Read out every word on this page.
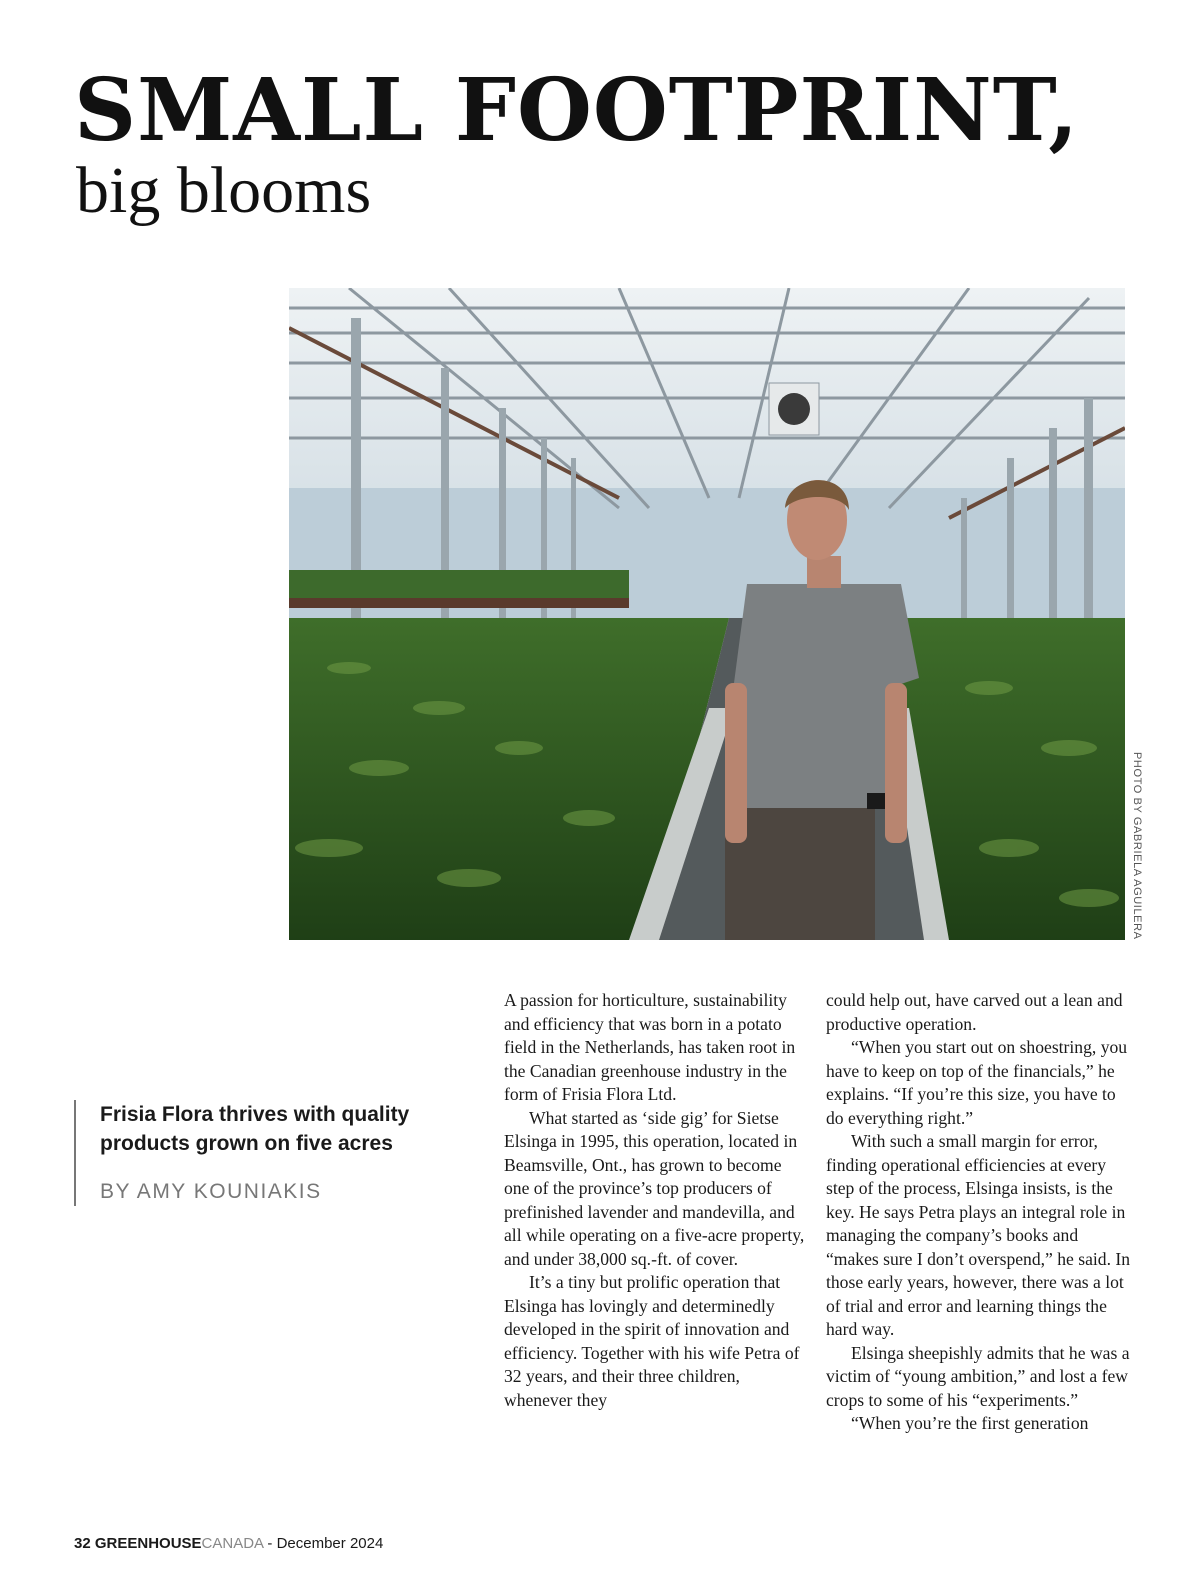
SMALL FOOTPRINT,
big blooms
PHOTO BY GABRIELA AGUILERA

Frisia Flora thrives with quality products grown on five acres

BY AMY KOUNIAKIS

A passion for horticulture, sustainability and efficiency that was born in a potato field in the Netherlands, has taken root in the Canadian greenhouse industry in the form of Frisia Flora Ltd.

What started as ‘side gig’ for Sietse Elsinga in 1995, this operation, located in Beamsville, Ont., has grown to become one of the province’s top producers of prefinished lavender and mandevilla, and all while operating on a five-acre property, and under 38,000 sq.-ft. of cover.

It’s a tiny but prolific operation that Elsinga has lovingly and determinedly developed in the spirit of innovation and efficiency. Together with his wife Petra of 32 years, and their three children, whenever they

could help out, have carved out a lean and productive operation.

“When you start out on shoestring, you have to keep on top of the financials,” he explains. “If you’re this size, you have to do everything right.”

With such a small margin for error, finding operational efficiencies at every step of the process, Elsinga insists, is the key. He says Petra plays an integral role in managing the company’s books and “makes sure I don’t overspend,” he said. In those early years, however, there was a lot of trial and error and learning things the hard way.

Elsinga sheepishly admits that he was a victim of “young ambition,” and lost a few crops to some of his “experiments.”

“When you’re the first generation

32 GREENHOUSECANADA - December 2024
